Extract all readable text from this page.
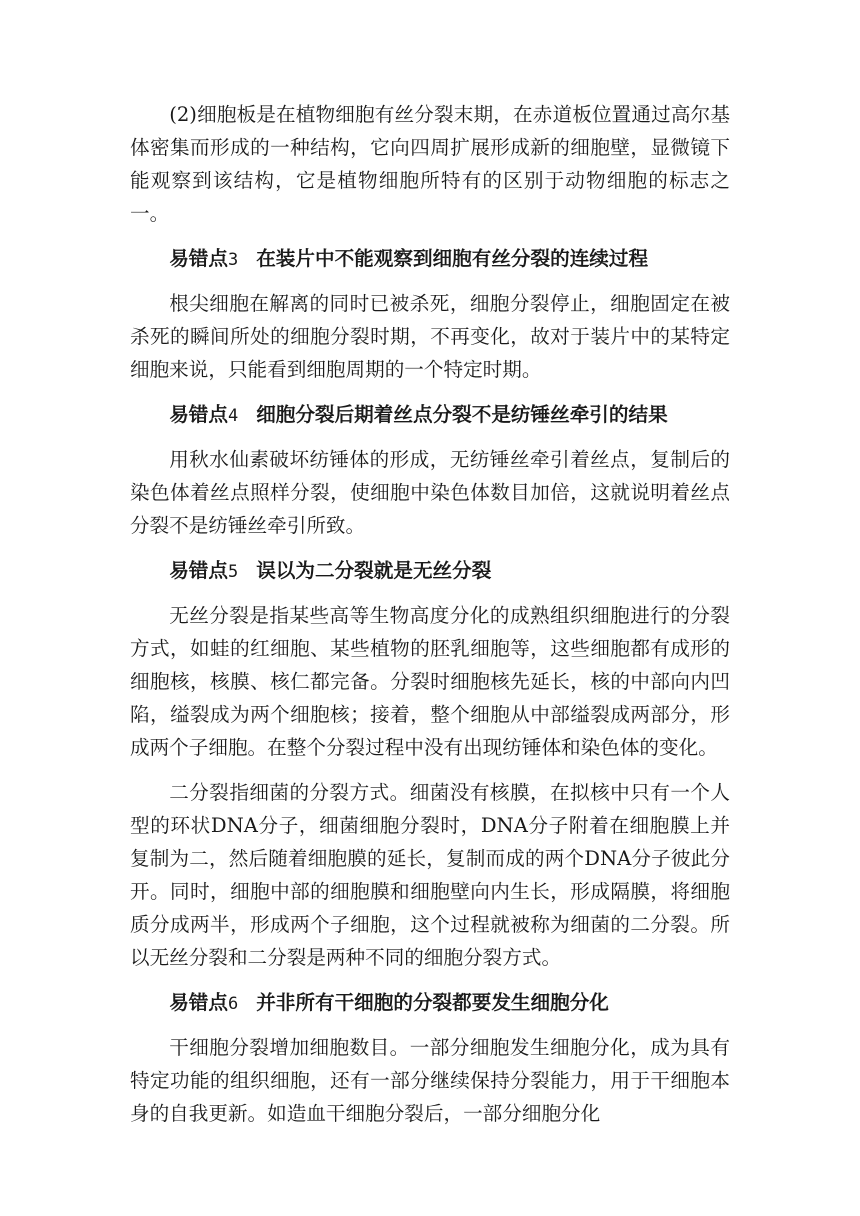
(2)细胞板是在植物细胞有丝分裂末期，在赤道板位置通过高尔基体密集而形成的一种结构，它向四周扩展形成新的细胞壁，显微镜下能观察到该结构，它是植物细胞所特有的区别于动物细胞的标志之一。

易错点3 在装片中不能观察到细胞有丝分裂的连续过程

根尖细胞在解离的同时已被杀死，细胞分裂停止，细胞固定在被杀死的瞬间所处的细胞分裂时期，不再变化，故对于装片中的某特定细胞来说，只能看到细胞周期的一个特定时期。

易错点4 细胞分裂后期着丝点分裂不是纺锤丝牵引的结果

用秋水仙素破坏纺锤体的形成，无纺锤丝牵引着丝点，复制后的染色体着丝点照样分裂，使细胞中染色体数目加倍，这就说明着丝点分裂不是纺锤丝牵引所致。

易错点5 误以为二分裂就是无丝分裂

无丝分裂是指某些高等生物高度分化的成熟组织细胞进行的分裂方式，如蛙的红细胞、某些植物的胚乳细胞等，这些细胞都有成形的细胞核，核膜、核仁都完备。分裂时细胞核先延长，核的中部向内凹陷，缢裂成为两个细胞核；接着，整个细胞从中部缢裂成两部分，形成两个子细胞。在整个分裂过程中没有出现纺锤体和染色体的变化。

二分裂指细菌的分裂方式。细菌没有核膜，在拟核中只有一个人型的环状DNA分子，细菌细胞分裂时，DNA分子附着在细胞膜上并复制为二，然后随着细胞膜的延长，复制而成的两个DNA分子彼此分开。同时，细胞中部的细胞膜和细胞壁向内生长，形成隔膜，将细胞质分成两半，形成两个子细胞，这个过程就被称为细菌的二分裂。所以无丝分裂和二分裂是两种不同的细胞分裂方式。

易错点6 并非所有干细胞的分裂都要发生细胞分化

干细胞分裂增加细胞数目。一部分细胞发生细胞分化，成为具有特定功能的组织细胞，还有一部分继续保持分裂能力，用于干细胞本身的自我更新。如造血干细胞分裂后，一部分细胞分化
